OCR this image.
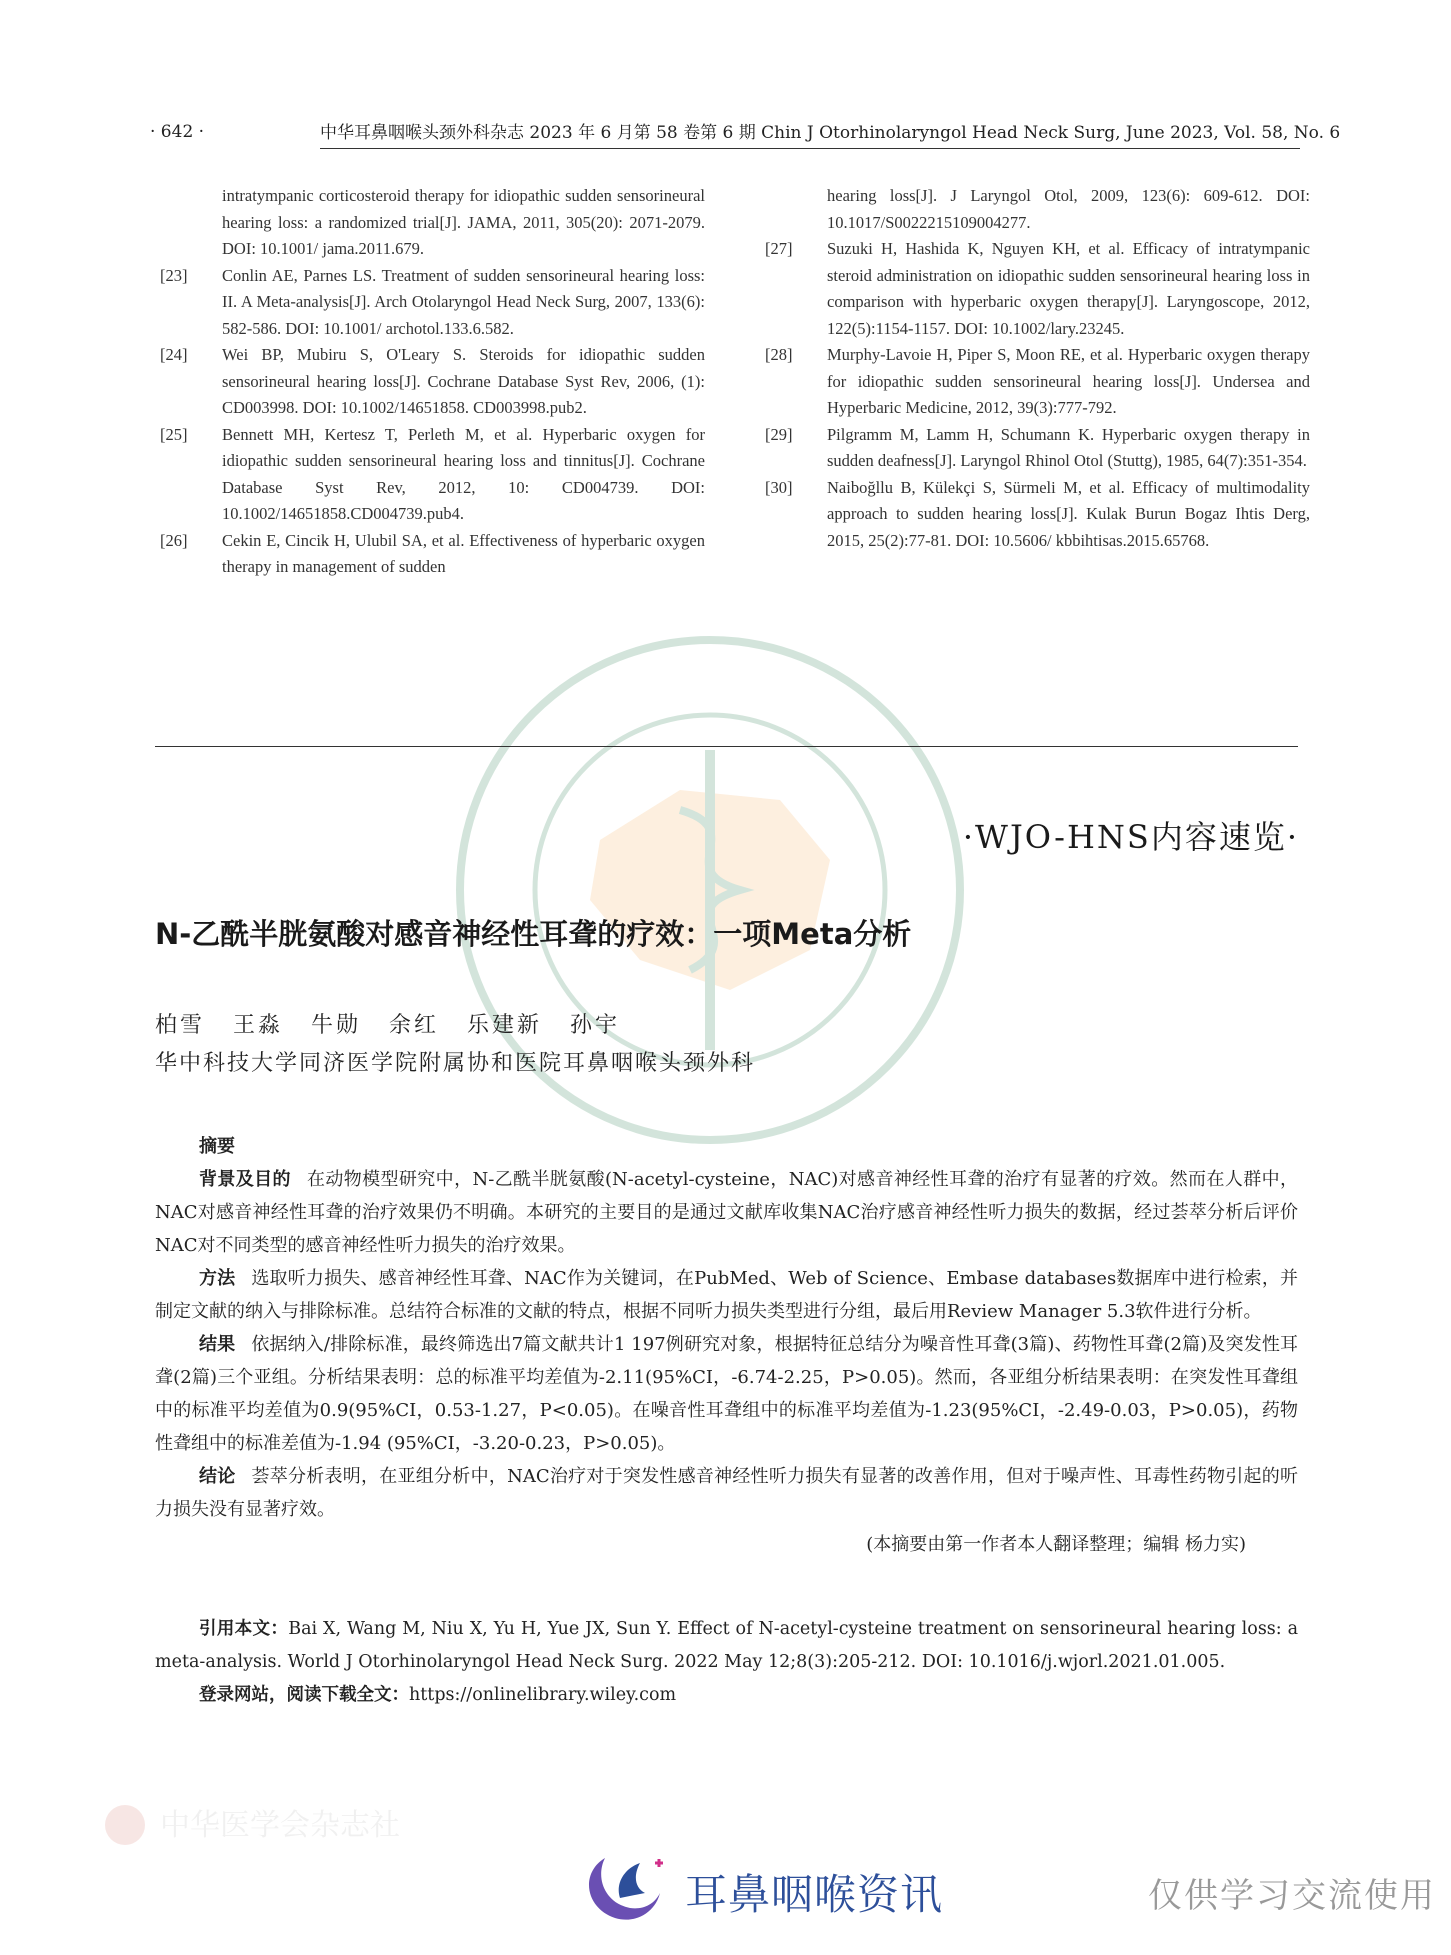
· 642 ·	中华耳鼻咽喉头颈外科杂志 2023 年 6 月第 58 卷第 6 期 Chin J Otorhinolaryngol Head Neck Surg, June 2023, Vol. 58, No. 6
intratympanic corticosteroid therapy for idiopathic sudden sensorineural hearing loss: a randomized trial[J]. JAMA, 2011, 305(20): 2071-2079. DOI: 10.1001/ jama.2011.679.
[23] Conlin AE, Parnes LS. Treatment of sudden sensorineural hearing loss: II. A Meta-analysis[J]. Arch Otolaryngol Head Neck Surg, 2007, 133(6): 582-586. DOI: 10.1001/ archotol.133.6.582.
[24] Wei BP, Mubiru S, O'Leary S. Steroids for idiopathic sudden sensorineural hearing loss[J]. Cochrane Database Syst Rev, 2006, (1): CD003998. DOI: 10.1002/14651858. CD003998.pub2.
[25] Bennett MH, Kertesz T, Perleth M, et al. Hyperbaric oxygen for idiopathic sudden sensorineural hearing loss and tinnitus[J]. Cochrane Database Syst Rev, 2012, 10: CD004739. DOI: 10.1002/14651858.CD004739.pub4.
[26] Cekin E, Cincik H, Ulubil SA, et al. Effectiveness of hyperbaric oxygen therapy in management of sudden
hearing loss[J]. J Laryngol Otol, 2009, 123(6): 609-612. DOI: 10.1017/S0022215109004277.
[27] Suzuki H, Hashida K, Nguyen KH, et al. Efficacy of intratympanic steroid administration on idiopathic sudden sensorineural hearing loss in comparison with hyperbaric oxygen therapy[J]. Laryngoscope, 2012, 122(5):1154-1157. DOI: 10.1002/lary.23245.
[28] Murphy-Lavoie H, Piper S, Moon RE, et al. Hyperbaric oxygen therapy for idiopathic sudden sensorineural hearing loss[J]. Undersea and Hyperbaric Medicine, 2012, 39(3):777-792.
[29] Pilgramm M, Lamm H, Schumann K. Hyperbaric oxygen therapy in sudden deafness[J]. Laryngol Rhinol Otol (Stuttg), 1985, 64(7):351-354.
[30] Naiboğllu B, Külekçi S, Sürmeli M, et al. Efficacy of multimodality approach to sudden hearing loss[J]. Kulak Burun Bogaz Ihtis Derg, 2015, 25(2):77-81. DOI: 10.5606/ kbbihtisas.2015.65768.
·WJO-HNS内容速览·
N-乙酰半胱氨酸对感音神经性耳聋的疗效：一项Meta分析
柏雪 王淼 牛勋 余红 乐建新 孙宇
华中科技大学同济医学院附属协和医院耳鼻咽喉头颈外科
摘要

背景及目的 在动物模型研究中，N-乙酰半胱氨酸(N-acetyl-cysteine，NAC)对感音神经性耳聋的治疗有显著的疗效。然而在人群中，NAC对感音神经性耳聋的治疗效果仍不明确。本研究的主要目的是通过文献库收集NAC治疗感音神经性听力损失的数据，经过荟萃分析后评价NAC对不同类型的感音神经性听力损失的治疗效果。

方法 选取听力损失、感音神经性耳聋、NAC作为关键词，在PubMed、Web of Science、Embase databases数据库中进行检索，并制定文献的纳入与排除标准。总结符合标准的文献的特点，根据不同听力损失类型进行分组，最后用Review Manager 5.3软件进行分析。

结果 依据纳入/排除标准，最终筛选出7篇文献共计1 197例研究对象，根据特征总结分为噪音性耳聋(3篇)、药物性耳聋(2篇)及突发性耳聋(2篇)三个亚组。分析结果表明：总的标准平均差值为-2.11(95%CI，-6.74-2.25，P>0.05)。然而，各亚组分析结果表明：在突发性耳聋组中的标准平均差值为0.9(95%CI，0.53-1.27，P<0.05)。在噪音性耳聋组中的标准平均差值为-1.23(95%CI，-2.49-0.03，P>0.05)，药物性聋组中的标准差值为-1.94 (95%CI，-3.20-0.23，P>0.05)。

结论 荟萃分析表明，在亚组分析中，NAC治疗对于突发性感音神经性听力损失有显著的改善作用，但对于噪声性、耳毒性药物引起的听力损失没有显著疗效。

(本摘要由第一作者本人翻译整理；编辑 杨力实)

引用本文：Bai X, Wang M, Niu X, Yu H, Yue JX, Sun Y. Effect of N-acetyl-cysteine treatment on sensorineural hearing loss: a meta-analysis. World J Otorhinolaryngol Head Neck Surg. 2022 May 12;8(3):205-212. DOI: 10.1016/j.wjorl.2021.01.005.

登录网站，阅读下载全文：https://onlinelibrary.wiley.com

中华医学会杂志社
耳鼻咽喉资讯	仅供学习交流使用
